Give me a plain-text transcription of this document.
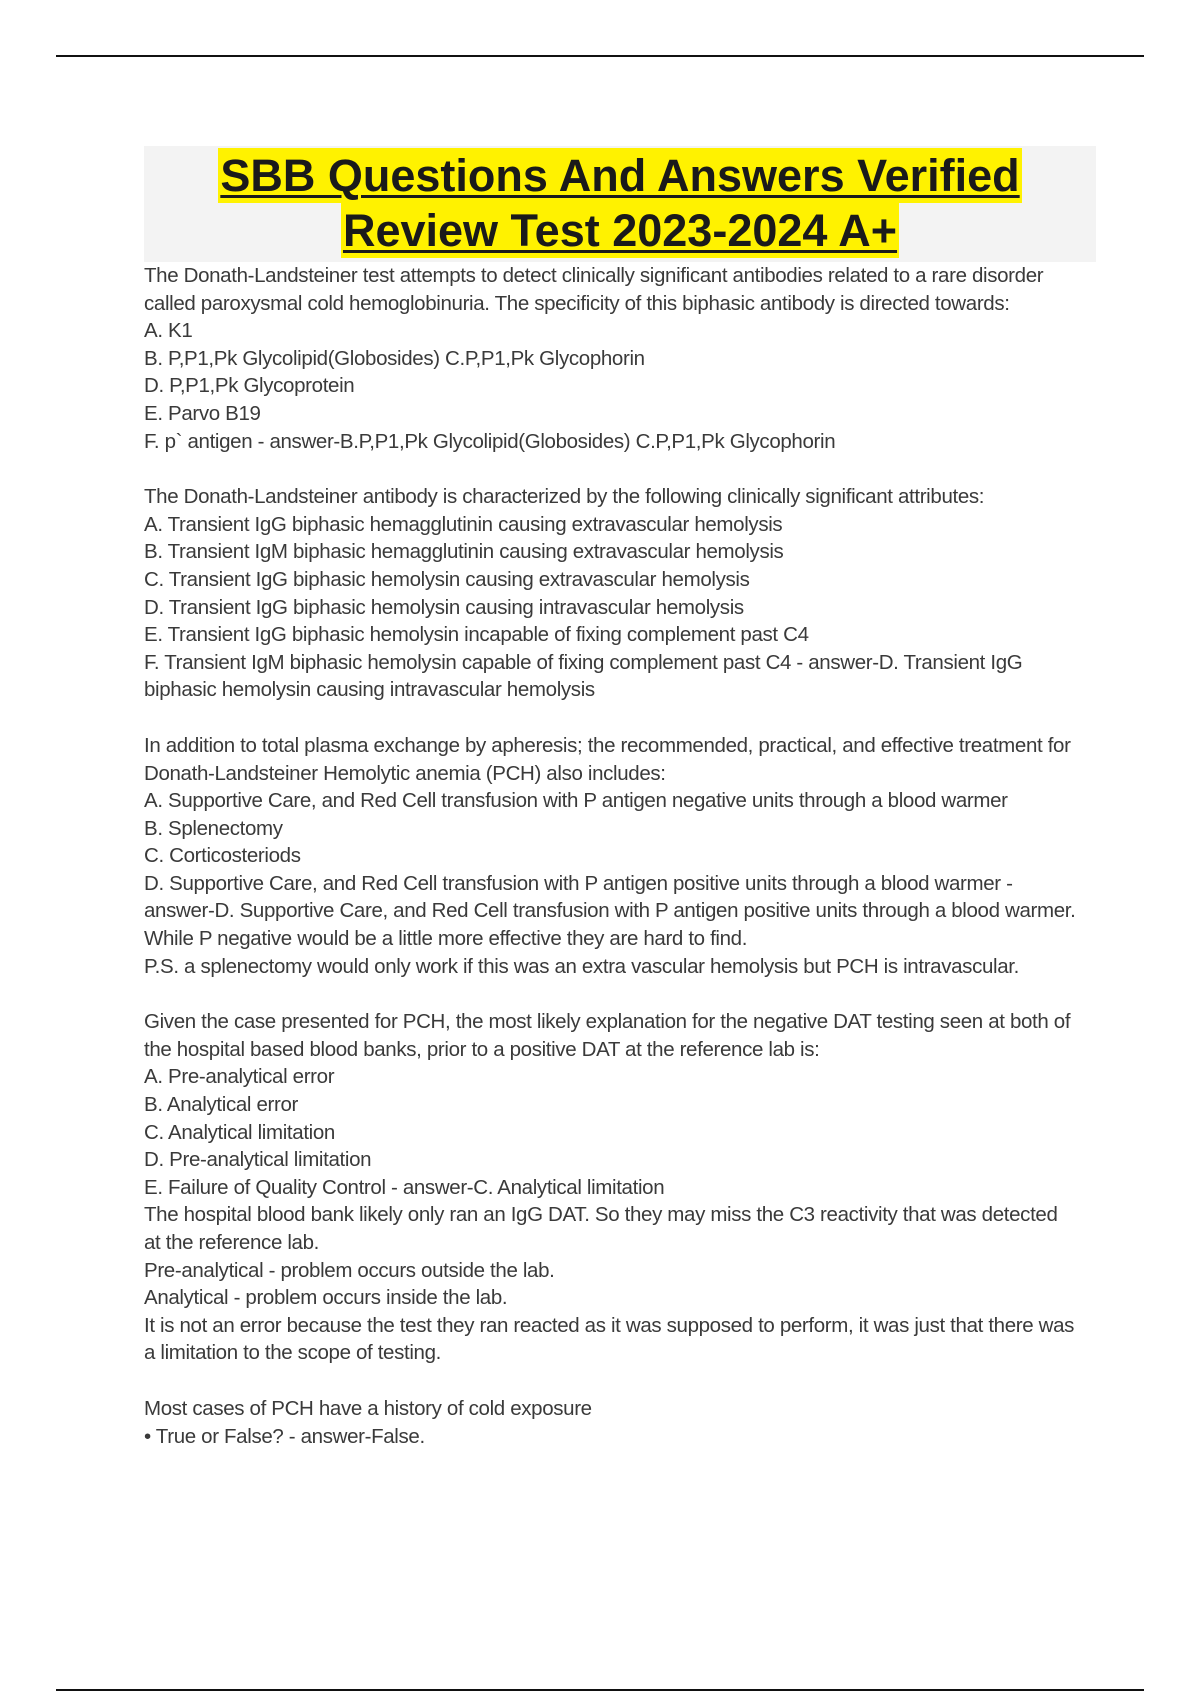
SBB Questions And Answers Verified
Review Test 2023-2024 A+
The Donath-Landsteiner test attempts to detect clinically significant antibodies related to a rare disorder
called paroxysmal cold hemoglobinuria. The specificity of this biphasic antibody is directed towards:
A. K1
B. P,P1,Pk Glycolipid(Globosides) C.P,P1,Pk Glycophorin
D. P,P1,Pk Glycoprotein
E. Parvo B19
F. p` antigen - answer-B.P,P1,Pk Glycolipid(Globosides) C.P,P1,Pk Glycophorin
The Donath-Landsteiner antibody is characterized by the following clinically significant attributes:
A. Transient IgG biphasic hemagglutinin causing extravascular hemolysis
B. Transient IgM biphasic hemagglutinin causing extravascular hemolysis
C. Transient IgG biphasic hemolysin causing extravascular hemolysis
D. Transient IgG biphasic hemolysin causing intravascular hemolysis
E. Transient IgG biphasic hemolysin incapable of fixing complement past C4
F. Transient IgM biphasic hemolysin capable of fixing complement past C4 - answer-D. Transient IgG
biphasic hemolysin causing intravascular hemolysis
In addition to total plasma exchange by apheresis; the recommended, practical, and effective treatment for
Donath-Landsteiner Hemolytic anemia (PCH) also includes:
A. Supportive Care, and Red Cell transfusion with P antigen negative units through a blood warmer
B. Splenectomy
C. Corticosteriods
D. Supportive Care, and Red Cell transfusion with P antigen positive units through a blood warmer -
answer-D. Supportive Care, and Red Cell transfusion with P antigen positive units through a blood warmer.
While P negative would be a little more effective they are hard to find.
P.S. a splenectomy would only work if this was an extra vascular hemolysis but PCH is intravascular.
Given the case presented for PCH, the most likely explanation for the negative DAT testing seen at both of
the hospital based blood banks, prior to a positive DAT at the reference lab is:
A. Pre-analytical error
B. Analytical error
C. Analytical limitation
D. Pre-analytical limitation
E. Failure of Quality Control - answer-C. Analytical limitation
The hospital blood bank likely only ran an IgG DAT. So they may miss the C3 reactivity that was detected
at the reference lab.
Pre-analytical - problem occurs outside the lab.
Analytical - problem occurs inside the lab.
It is not an error because the test they ran reacted as it was supposed to perform, it was just that there was
a limitation to the scope of testing.
Most cases of PCH have a history of cold exposure
• True or False? - answer-False.
